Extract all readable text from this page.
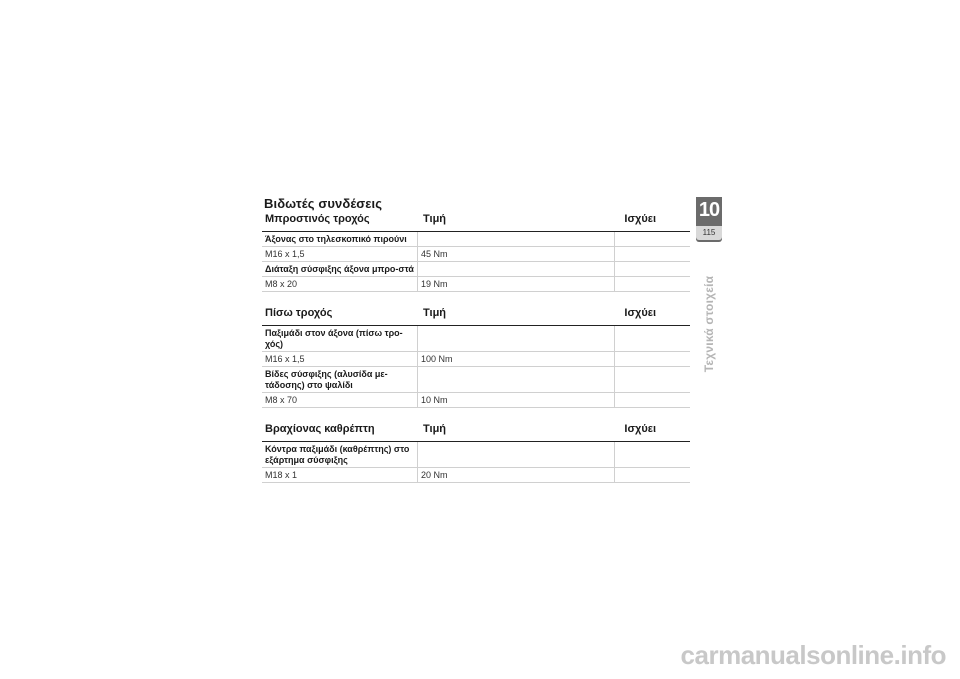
Βιδωτές συνδέσεις
Μπροστινός τροχός	Τιμή	Ισχύει
Άξονας στο τηλεσκοπικό πιρούνι
M16 x 1,5	45 Nm
Διάταξη σύσφιξης άξονα μπρο-στά
M8 x 20	19 Nm
Πίσω τροχός	Τιμή	Ισχύει
Παξιμάδι στον άξονα (πίσω τρο-χός)
M16 x 1,5	100 Nm
Βίδες σύσφιξης (αλυσίδα με-τάδοσης) στο ψαλίδι
M8 x 70	10 Nm
Βραχίονας καθρέπτη	Τιμή	Ισχύει
Κόντρα παξιμάδι (καθρέπτης) στο εξάρτημα σύσφιξης
M18 x 1	20 Nm
10
115
Τεχνικά στοιχεία
carmanualsonline.info
